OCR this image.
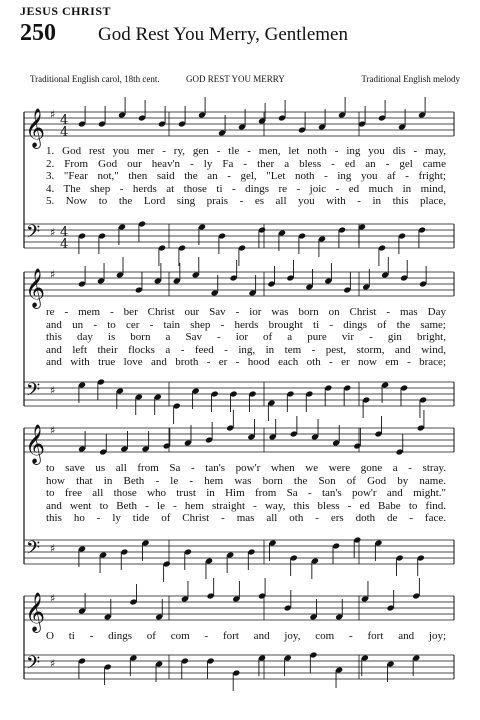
JESUS CHRIST
250 God Rest You Merry, Gentlemen
Traditional English carol, 18th cent.	GOD REST YOU MERRY	Traditional English melody
𝄞
𝄢
♯
♯
4
4
4
4
𝄞
𝄢
♯
♯
𝄞
𝄢
♯
♯
𝄞
𝄢
♯
♯
1. God rest you mer - ry, gen - tle - men, let noth - ing you dis - may,
2. From God our heav'n - ly Fa - ther a bless - ed an - gel came
3. "Fear not," then said the an - gel, "Let noth - ing you af - fright;
4. The shep - herds at those ti - dings re - joic - ed much in mind,
5. Now to the Lord sing prais - es all you with - in this place,
re - mem - ber Christ our Sav - ior was born on Christ - mas Day
and un - to cer - tain shep - herds brought ti - dings of the same;
this day is born a Sav - ior of a pure vir - gin bright,
and left their flocks a - feed - ing, in tem - pest, storm, and wind,
and with true love and broth - er - hood each oth - er now em - brace;
to save us all from Sa - tan's pow'r when we were gone a - stray.
how that in Beth - le - hem was born the Son of God by name.
to free all those who trust in Him from Sa - tan's pow'r and might."
and went to Beth - le - hem straight - way, this bless - ed Babe to find.
this ho - ly tide of Christ - mas all oth - ers doth de - face.
O ti - dings of com - fort and joy, com - fort and joy;
